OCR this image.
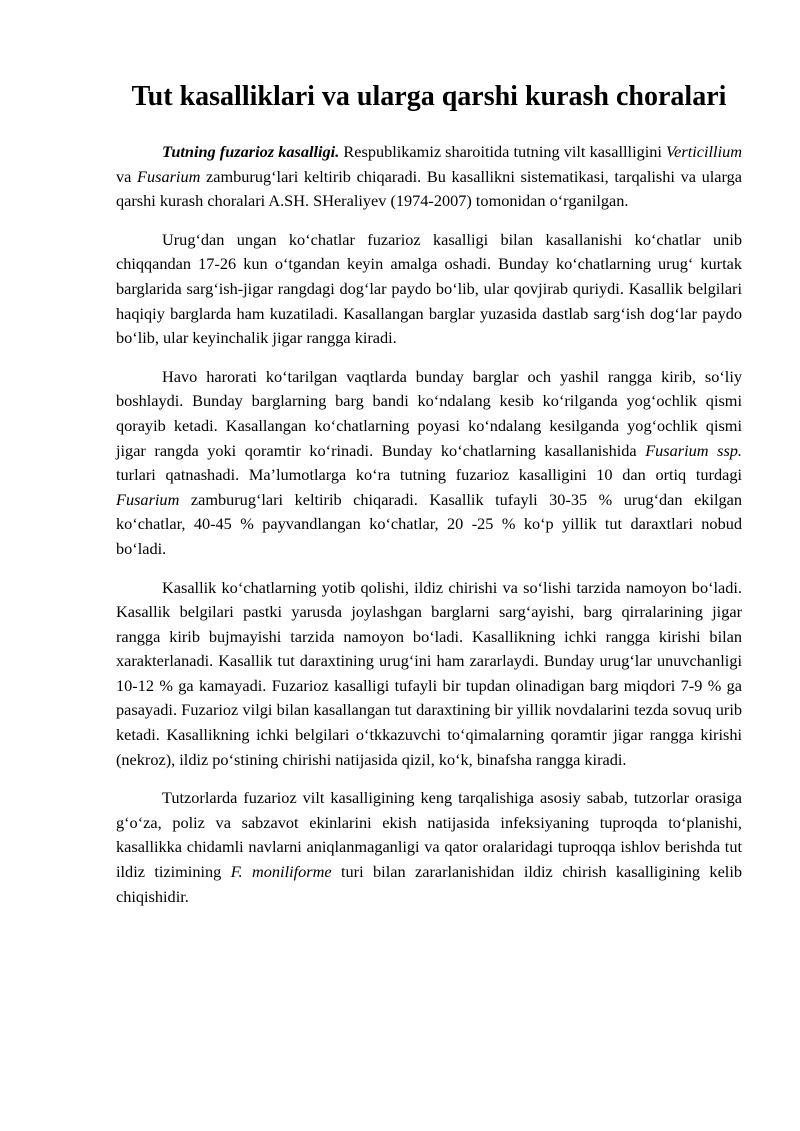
Tut kasalliklari va ularga qarshi kurash choralari

Tutning fuzarioz kasalligi. Respublikamiz sharoitida tutning vilt kasallligini Verticillium va Fusarium zamburug‘lari keltirib chiqaradi. Bu kasallikni sistematikasi, tarqalishi va ularga qarshi kurash choralari A.SH. SHeraliyev (1974-2007) tomonidan o‘rganilgan.

Urug‘dan ungan ko‘chatlar fuzarioz kasalligi bilan kasallanishi ko‘chatlar unib chiqqandan 17-26 kun o‘tgandan keyin amalga oshadi. Bunday ko‘chatlarning urug‘ kurtak barglarida sarg‘ish-jigar rangdagi dog‘lar paydo bo‘lib, ular qovjirab quriydi. Kasallik belgilari haqiqiy barglarda ham kuzatiladi. Kasallangan barglar yuzasida dastlab sarg‘ish dog‘lar paydo bo‘lib, ular keyinchalik jigar rangga kiradi.

Havo harorati ko‘tarilgan vaqtlarda bunday barglar och yashil rangga kirib, so‘liy boshlaydi. Bunday barglarning barg bandi ko‘ndalang kesib ko‘rilganda yog‘ochlik qismi qorayib ketadi. Kasallangan ko‘chatlarning poyasi ko‘ndalang kesilganda yog‘ochlik qismi jigar rangda yoki qoramtir ko‘rinadi. Bunday ko‘chatlarning kasallanishida Fusarium ssp. turlari qatnashadi. Ma’lumotlarga ko‘ra tutning fuzarioz kasalligini 10 dan ortiq turdagi Fusarium zamburug‘lari keltirib chiqaradi. Kasallik tufayli 30-35 % urug‘dan ekilgan ko‘chatlar, 40-45 % payvandlangan ko‘chatlar, 20 -25 % ko‘p yillik tut daraxtlari nobud bo‘ladi.

Kasallik ko‘chatlarning yotib qolishi, ildiz chirishi va so‘lishi tarzida namoyon bo‘ladi. Kasallik belgilari pastki yarusda joylashgan barglarni sarg‘ayishi, barg qirralarining jigar rangga kirib bujmayishi tarzida namoyon bo‘ladi. Kasallikning ichki rangga kirishi bilan xarakterlanadi. Kasallik tut daraxtining urug‘ini ham zararlaydi. Bunday urug‘lar unuvchanligi 10-12 % ga kamayadi. Fuzarioz kasalligi tufayli bir tupdan olinadigan barg miqdori 7-9 % ga pasayadi. Fuzarioz vilgi bilan kasallangan tut daraxtining bir yillik novdalarini tezda sovuq urib ketadi. Kasallikning ichki belgilari o‘tkkazuvchi to‘qimalarning qoramtir jigar rangga kirishi (nekroz), ildiz po‘stining chirishi natijasida qizil, ko‘k, binafsha rangga kiradi.

Tutzorlarda fuzarioz vilt kasalligining keng tarqalishiga asosiy sabab, tutzorlar orasiga g‘o‘za, poliz va sabzavot ekinlarini ekish natijasida infeksiyaning tuproqda to‘planishi, kasallikka chidamli navlarni aniqlanmaganligi va qator oralaridagi tuproqqa ishlov berishda tut ildiz tizimining F. moniliforme turi bilan zararlanishidan ildiz chirish kasalligining kelib chiqishidir.
